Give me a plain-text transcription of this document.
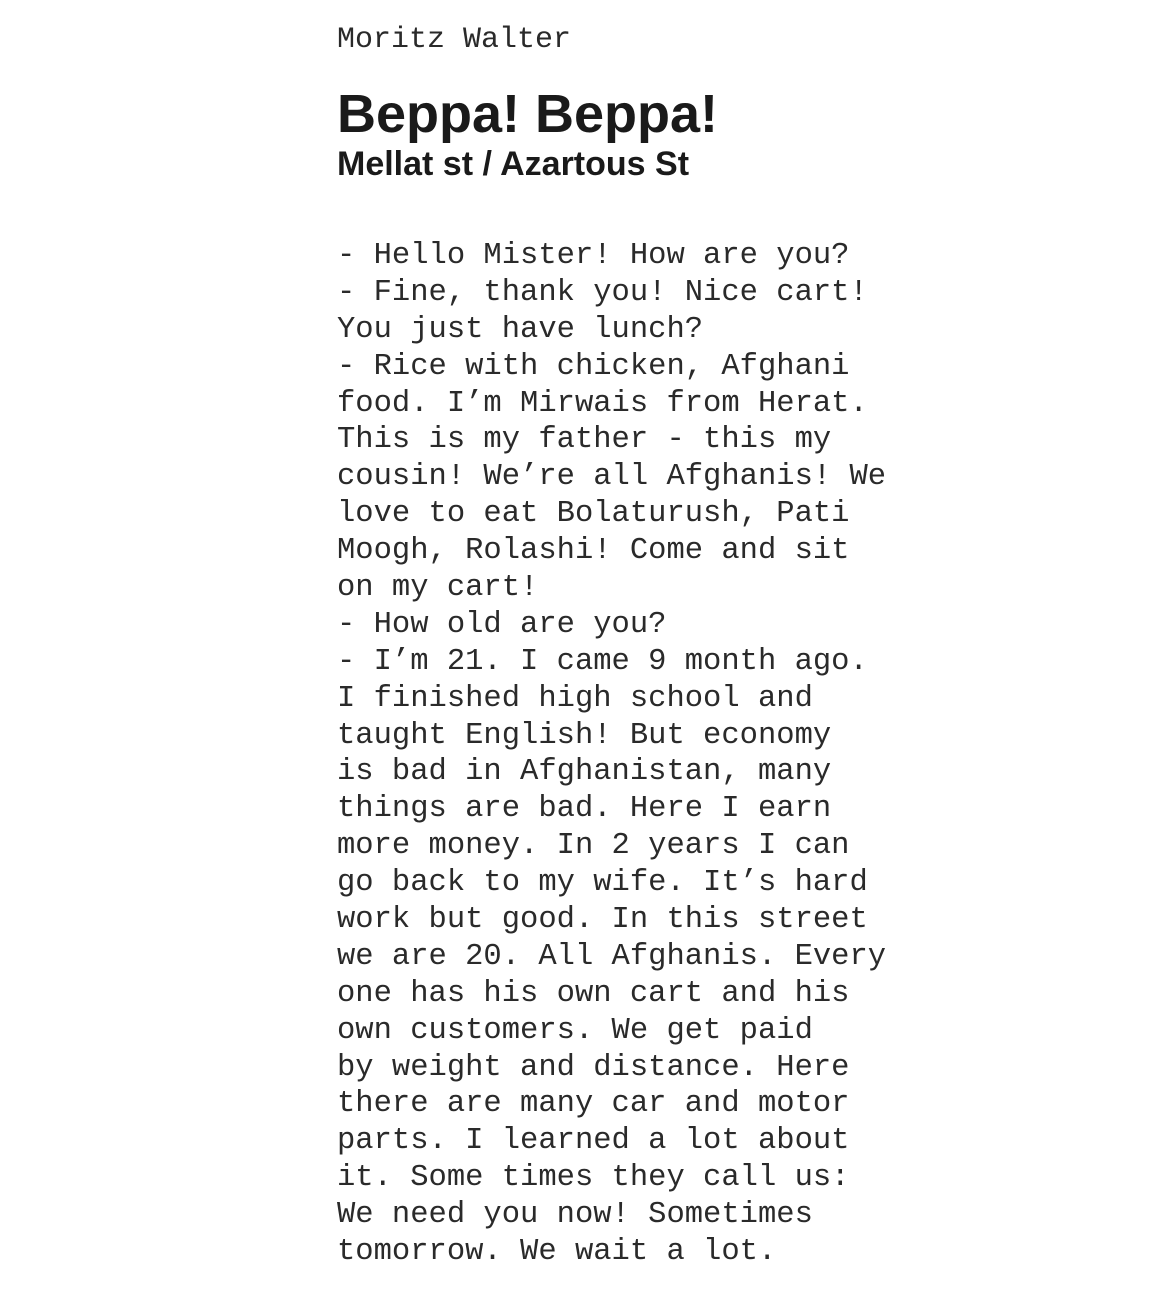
Moritz Walter
Beppa! Beppa!
Mellat st / Azartous St
- Hello Mister! How are you?
- Fine, thank you! Nice cart!
You just have lunch?
- Rice with chicken, Afghani
food. I’m Mirwais from Herat.
This is my father - this my
cousin! We’re all Afghanis! We
love to eat Bolaturush, Pati
Moogh, Rolashi! Come and sit
on my cart!
- How old are you?
- I’m 21. I came 9 month ago.
I finished high school and
taught English! But economy
is bad in Afghanistan, many
things are bad. Here I earn
more money. In 2 years I can
go back to my wife. It’s hard
work but good. In this street
we are 20. All Afghanis. Every
one has his own cart and his
own customers. We get paid
by weight and distance. Here
there are many car and motor
parts. I learned a lot about
it. Some times they call us:
We need you now! Sometimes
tomorrow. We wait a lot.
